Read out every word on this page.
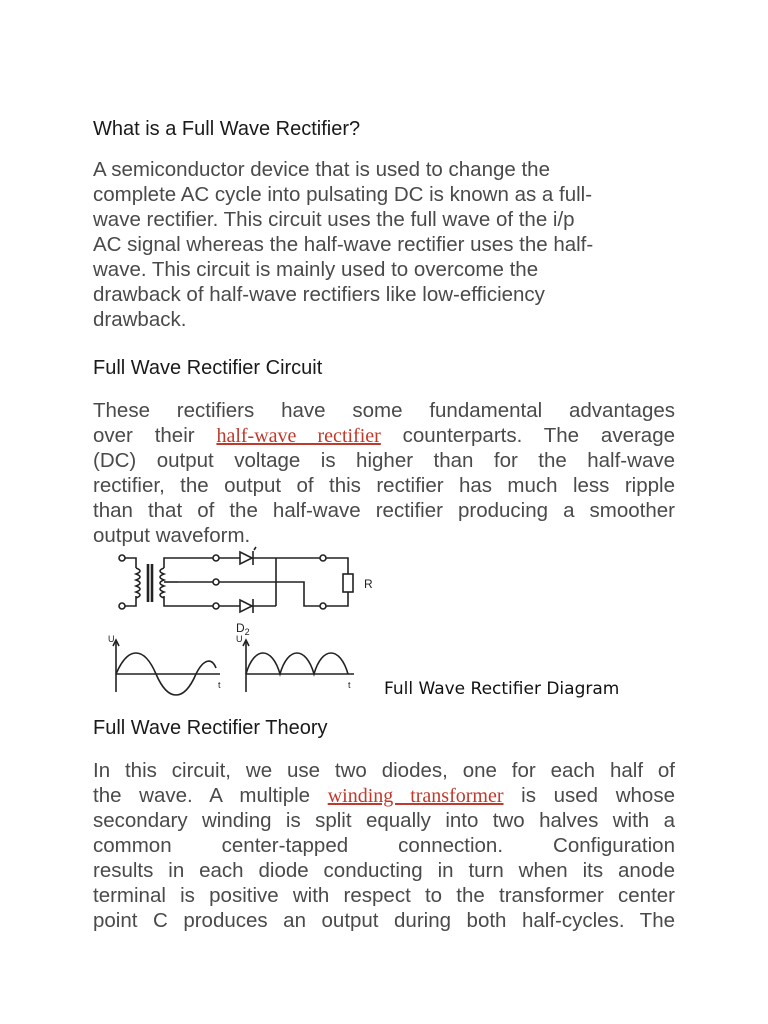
What is a Full Wave Rectifier?
A semiconductor device that is used to change the
complete AC cycle into pulsating DC is known as a full-
wave rectifier. This circuit uses the full wave of the i/p
AC signal whereas the half-wave rectifier uses the half-
wave. This circuit is mainly used to overcome the
drawback of half-wave rectifiers like low-efficiency
drawback.
Full Wave Rectifier Circuit
These rectifiers have some fundamental advantages
over their half-wave rectifier counterparts. The average
(DC) output voltage is higher than for the half-wave
rectifier, the output of this rectifier has much less ripple
than that of the half-wave rectifier producing a smoother
output waveform.
Full Wave Rectifier Theory
In this circuit, we use two diodes, one for each half of
the wave. A multiple winding transformer is used whose
secondary winding is split equally into two halves with a
common center-tapped connection. Configuration
results in each diode conducting in turn when its anode
terminal is positive with respect to the transformer center
point C produces an output during both half-cycles. The
R
$D_2$
U
t
U
t Full Wave Rectifier Diagram
